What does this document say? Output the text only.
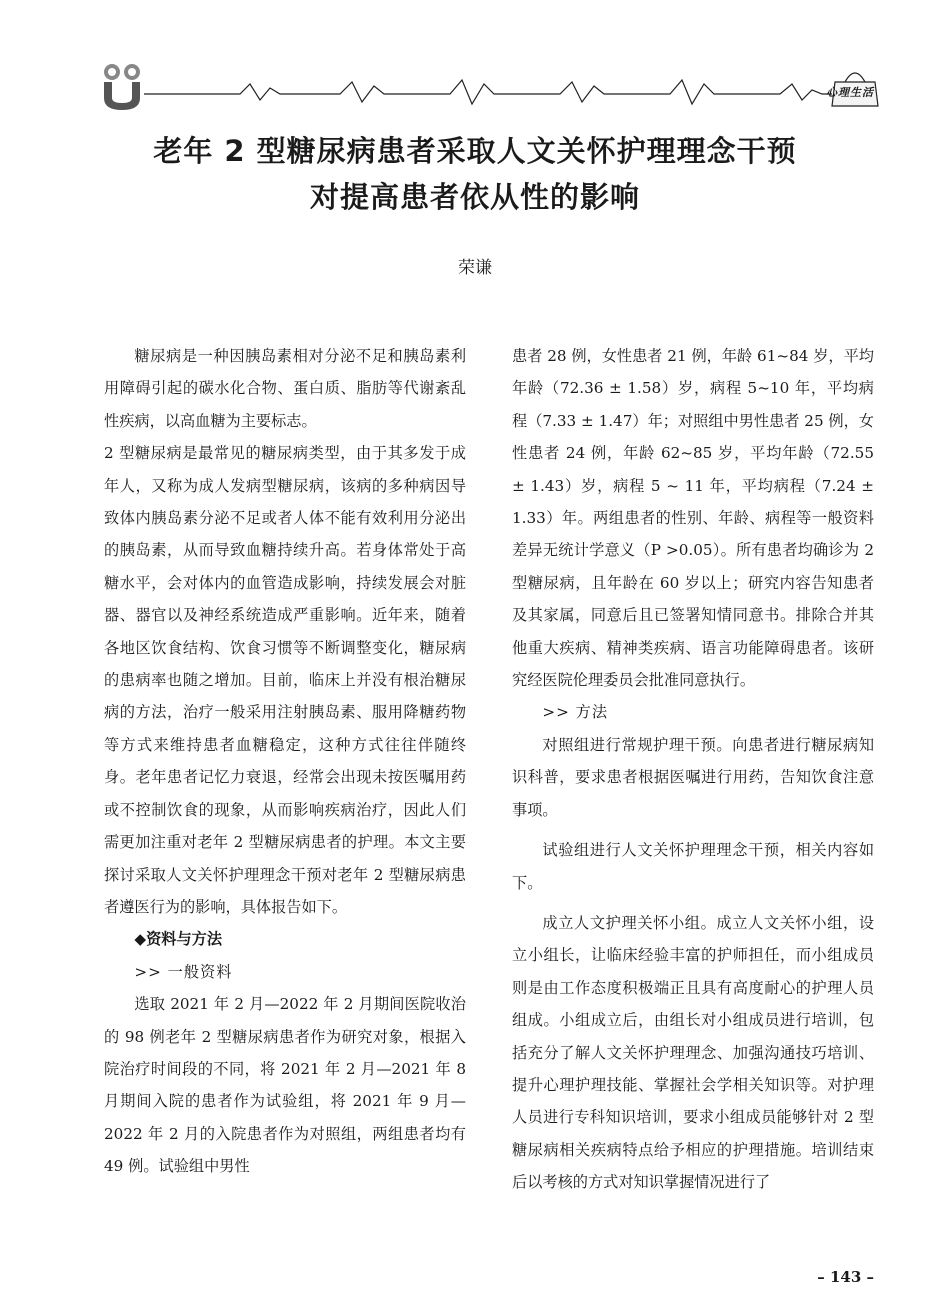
心理生活
老年 2 型糖尿病患者采取人文关怀护理理念干预
对提高患者依从性的影响
荣谦

糖尿病是一种因胰岛素相对分泌不足和胰岛素利用障碍引起的碳水化合物、蛋白质、脂肪等代谢紊乱性疾病，以高血糖为主要标志。

2 型糖尿病是最常见的糖尿病类型，由于其多发于成年人，又称为成人发病型糖尿病，该病的多种病因导致体内胰岛素分泌不足或者人体不能有效利用分泌出的胰岛素，从而导致血糖持续升高。若身体常处于高糖水平，会对体内的血管造成影响，持续发展会对脏器、器官以及神经系统造成严重影响。近年来，随着各地区饮食结构、饮食习惯等不断调整变化，糖尿病的患病率也随之增加。目前，临床上并没有根治糖尿病的方法，治疗一般采用注射胰岛素、服用降糖药物等方式来维持患者血糖稳定，这种方式往往伴随终身。老年患者记忆力衰退，经常会出现未按医嘱用药或不控制饮食的现象，从而影响疾病治疗，因此人们需更加注重对老年 2 型糖尿病患者的护理。本文主要探讨采取人文关怀护理理念干预对老年 2 型糖尿病患者遵医行为的影响，具体报告如下。

◆资料与方法

>> 一般资料

选取 2021 年 2 月—2022 年 2 月期间医院收治的 98 例老年 2 型糖尿病患者作为研究对象，根据入院治疗时间段的不同，将 2021 年 2 月—2021 年 8 月期间入院的患者作为试验组，将 2021 年 9 月—2022 年 2 月的入院患者作为对照组，两组患者均有 49 例。试验组中男性

患者 28 例，女性患者 21 例，年龄 61~84 岁，平均年龄（72.36 ± 1.58）岁，病程 5~10 年，平均病程（7.33 ± 1.47）年；对照组中男性患者 25 例，女性患者 24 例，年龄 62~85 岁，平均年龄（72.55 ± 1.43）岁，病程 5 ~ 11 年，平均病程（7.24 ± 1.33）年。两组患者的性别、年龄、病程等一般资料差异无统计学意义（P >0.05）。所有患者均确诊为 2 型糖尿病，且年龄在 60 岁以上；研究内容告知患者及其家属，同意后且已签署知情同意书。排除合并其他重大疾病、精神类疾病、语言功能障碍患者。该研究经医院伦理委员会批准同意执行。

>> 方法

对照组进行常规护理干预。向患者进行糖尿病知识科普，要求患者根据医嘱进行用药，告知饮食注意事项。

试验组进行人文关怀护理理念干预，相关内容如下。

成立人文护理关怀小组。成立人文关怀小组，设立小组长，让临床经验丰富的护师担任，而小组成员则是由工作态度积极端正且具有高度耐心的护理人员组成。小组成立后，由组长对小组成员进行培训，包括充分了解人文关怀护理理念、加强沟通技巧培训、提升心理护理技能、掌握社会学相关知识等。对护理人员进行专科知识培训，要求小组成员能够针对 2 型糖尿病相关疾病特点给予相应的护理措施。培训结束后以考核的方式对知识掌握情况进行了

– 143 –
